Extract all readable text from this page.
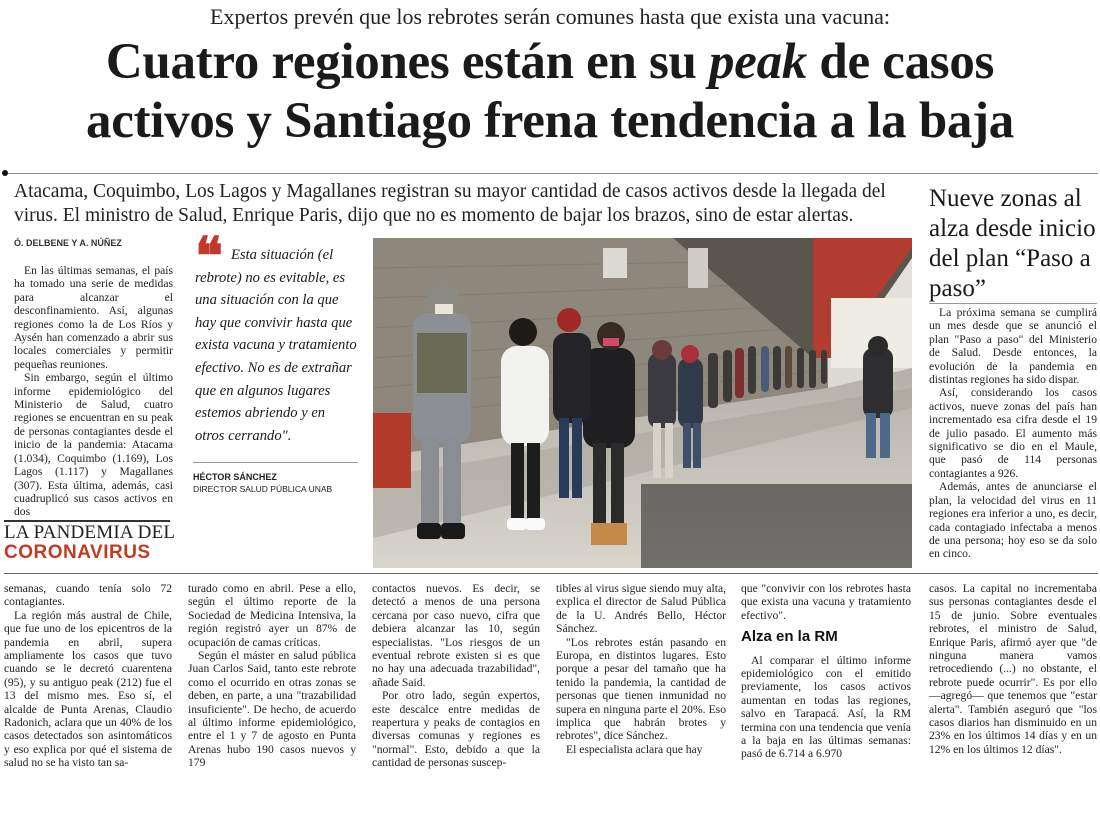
Expertos prevén que los rebrotes serán comunes hasta que exista una vacuna:
Cuatro regiones están en su peak de casos
activos y Santiago frena tendencia a la baja

Atacama, Coquimbo, Los Lagos y Magallanes registran su mayor cantidad de casos activos desde la llegada del virus. El ministro de Salud, Enrique Paris, dijo que no es momento de bajar los brazos, sino de estar alertas.

Ó. DELBENE Y A. NÚÑEZ

En las últimas semanas, el país ha tomado una serie de medidas para alcanzar el desconfinamiento. Así, algunas regiones como la de Los Ríos y Aysén han comenzado a abrir sus locales comerciales y permitir pequeñas reuniones.

Sin embargo, según el último informe epidemiológico del Ministerio de Salud, cuatro regiones se encuentran en su peak de personas contagiantes desde el inicio de la pandemia: Atacama (1.034), Coquimbo (1.169), Los Lagos (1.117) y Magallanes (307). Esta última, además, casi cuadruplicó sus casos activos en dos

LA PANDEMIA DEL
CORONAVIRUS
❝ Esta situación (el rebrote) no es evitable, es una situación con la que hay que convivir hasta que exista vacuna y tratamiento efectivo. No es de extrañar que en algunos lugares estemos abriendo y en otros cerrando".
HÉCTOR SÁNCHEZ
DIRECTOR SALUD PÚBLICA UNAB
Nueve zonas al alza desde inicio del plan “Paso a paso”

La próxima semana se cumplirá un mes desde que se anunció el plan "Paso a paso" del Ministerio de Salud. Desde entonces, la evolución de la pandemia en distintas regiones ha sido dispar.

Así, considerando los casos activos, nueve zonas del país han incrementado esa cifra desde el 19 de julio pasado. El aumento más significativo se dio en el Maule, que pasó de 114 personas contagiantes a 926.

Además, antes de anunciarse el plan, la velocidad del virus en 11 regiones era inferior a uno, es decir, cada contagiado infectaba a menos de una persona; hoy eso se da solo en cinco.

semanas, cuando tenía solo 72 contagiantes.

La región más austral de Chile, que fue uno de los epicentros de la pandemia en abril, supera ampliamente los casos que tuvo cuando se le decretó cuarentena (95), y su antiguo peak (212) fue el 13 del mismo mes. Eso sí, el alcalde de Punta Arenas, Claudio Radonich, aclara que un 40% de los casos detectados son asintomáticos y eso explica por qué el sistema de salud no se ha visto tan sa-

turado como en abril. Pese a ello, según el último reporte de la Sociedad de Medicina Intensiva, la región registró ayer un 87% de ocupación de camas críticas.

Según el máster en salud pública Juan Carlos Said, tanto este rebrote como el ocurrido en otras zonas se deben, en parte, a una "trazabilidad insuficiente". De hecho, de acuerdo al último informe epidemiológico, entre el 1 y 7 de agosto en Punta Arenas hubo 190 casos nuevos y 179

contactos nuevos. Es decir, se detectó a menos de una persona cercana por caso nuevo, cifra que debiera alcanzar las 10, según especialistas. "Los riesgos de un eventual rebrote existen si es que no hay una adecuada trazabilidad", añade Said.

Por otro lado, según expertos, este descalce entre medidas de reapertura y peaks de contagios en diversas comunas y regiones es "normal". Esto, debido a que la cantidad de personas suscep-

tibles al virus sigue siendo muy alta, explica el director de Salud Pública de la U. Andrés Bello, Héctor Sánchez.

"Los rebrotes están pasando en Europa, en distintos lugares. Esto porque a pesar del tamaño que ha tenido la pandemia, la cantidad de personas que tienen inmunidad no supera en ninguna parte el 20%. Eso implica que habrán brotes y rebrotes", dice Sánchez.

El especialista aclara que hay

que "convivir con los rebrotes hasta que exista una vacuna y tratamiento efectivo".

Alza en la RM

Al comparar el último informe epidemiológico con el emitido previamente, los casos activos aumentan en todas las regiones, salvo en Tarapacá. Así, la RM termina con una tendencia que venía a la baja en las últimas semanas: pasó de 6.714 a 6.970

casos. La capital no incrementaba sus personas contagiantes desde el 15 de junio. Sobre eventuales rebrotes, el ministro de Salud, Enrique Paris, afirmó ayer que "de ninguna manera vamos retrocediendo (...) no obstante, el rebrote puede ocurrir". Es por ello —agregó— que tenemos que "estar alerta". También aseguró que "los casos diarios han disminuido en un 23% en los últimos 14 días y en un 12% en los últimos 12 días".
